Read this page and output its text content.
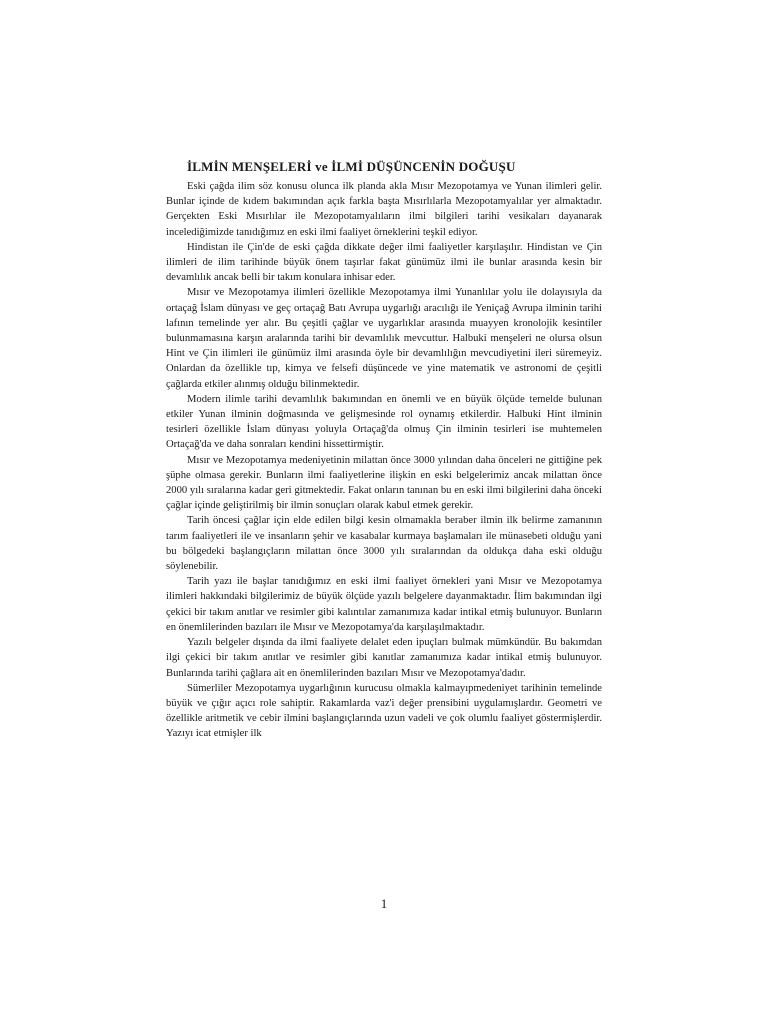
İLMİN MENŞELERİ ve İLMİ DÜŞÜNCENİN DOĞUŞU

Eski çağda ilim söz konusu olunca ilk planda akla Mısır Mezopotamya ve Yunan ilimleri gelir. Bunlar içinde de kıdem bakımından açık farkla başta Mısırlılarla Mezopotamyalılar yer almaktadır. Gerçekten Eski Mısırlılar ile Mezopotamyalıların ilmi bilgileri tarihi vesikaları dayanarak incelediğimizde tanıdığımız en eski ilmi faaliyet örneklerini teşkil ediyor.

Hindistan ile Çin'de de eski çağda dikkate değer ilmi faaliyetler karşılaşılır. Hindistan ve Çin ilimleri de ilim tarihinde büyük önem taşırlar fakat günümüz ilmi ile bunlar arasında kesin bir devamlılık ancak belli bir takım konulara inhisar eder.

Mısır ve Mezopotamya ilimleri özellikle Mezopotamya ilmi Yunanlılar yolu ile dolayısıyla da ortaçağ İslam dünyası ve geç ortaçağ Batı Avrupa uygarlığı aracılığı ile Yeniçağ Avrupa ilminin tarihi lafının temelinde yer alır. Bu çeşitli çağlar ve uygarlıklar arasında muayyen kronolojik kesintiler bulunmamasına karşın aralarında tarihi bir devamlılık mevcuttur. Halbuki menşeleri ne olursa olsun Hint ve Çin ilimleri ile günümüz ilmi arasında öyle bir devamlılığın mevcudiyetini ileri süremeyiz. Onlardan da özellikle tıp, kimya ve felsefi düşüncede ve yine matematik ve astronomi de çeşitli çağlarda etkiler alınmış olduğu bilinmektedir.

Modern ilimle tarihi devamlılık bakımından en önemli ve en büyük ölçüde temelde bulunan etkiler Yunan ilminin doğmasında ve gelişmesinde rol oynamış etkilerdir. Halbuki Hint ilminin tesirleri özellikle İslam dünyası yoluyla Ortaçağ'da olmuş Çin ilminin tesirleri ise muhtemelen Ortaçağ'da ve daha sonraları kendini hissettirmiştir.

Mısır ve Mezopotamya medeniyetinin milattan önce 3000 yılından daha önceleri ne gittiğine pek şüphe olmasa gerekir. Bunların ilmi faaliyetlerine ilişkin en eski belgelerimiz ancak milattan önce 2000 yılı sıralarına kadar geri gitmektedir. Fakat onların tanınan bu en eski ilmi bilgilerini daha önceki çağlar içinde geliştirilmiş bir ilmin sonuçları olarak kabul etmek gerekir.

Tarih öncesi çağlar için elde edilen bilgi kesin olmamakla beraber ilmin ilk belirme zamanının tarım faaliyetleri ile ve insanların şehir ve kasabalar kurmaya başlamaları ile münasebeti olduğu yani bu bölgedeki başlangıçların milattan önce 3000 yılı sıralarından da oldukça daha eski olduğu söylenebilir.

Tarih yazı ile başlar tanıdığımız en eski ilmi faaliyet örnekleri yani Mısır ve Mezopotamya ilimleri hakkındaki bilgilerimiz de büyük ölçüde yazılı belgelere dayanmaktadır. İlim bakımından ilgi çekici bir takım anıtlar ve resimler gibi kalıntılar zamanımıza kadar intikal etmiş bulunuyor. Bunların en önemlilerinden bazıları ile Mısır ve Mezopotamya'da karşılaşılmaktadır.

Yazılı belgeler dışında da ilmi faaliyete delalet eden ipuçları bulmak mümkündür. Bu bakımdan ilgi çekici bir takım anıtlar ve resimler gibi kanıtlar zamanımıza kadar intikal etmiş bulunuyor. Bunlarında tarihi çağlara ait en önemlilerinden bazıları Mısır ve Mezopotamya'dadır.

Sümerliler Mezopotamya uygarlığının kurucusu olmakla kalmayıpmedeniyet tarihinin temelinde büyük ve çığır açıcı role sahiptir. Rakamlarda vaz'i değer prensibini uygulamışlardır. Geometri ve özellikle aritmetik ve cebir ilmini başlangıçlarında uzun vadeli ve çok olumlu faaliyet göstermişlerdir. Yazıyı icat etmişler ilk

1
